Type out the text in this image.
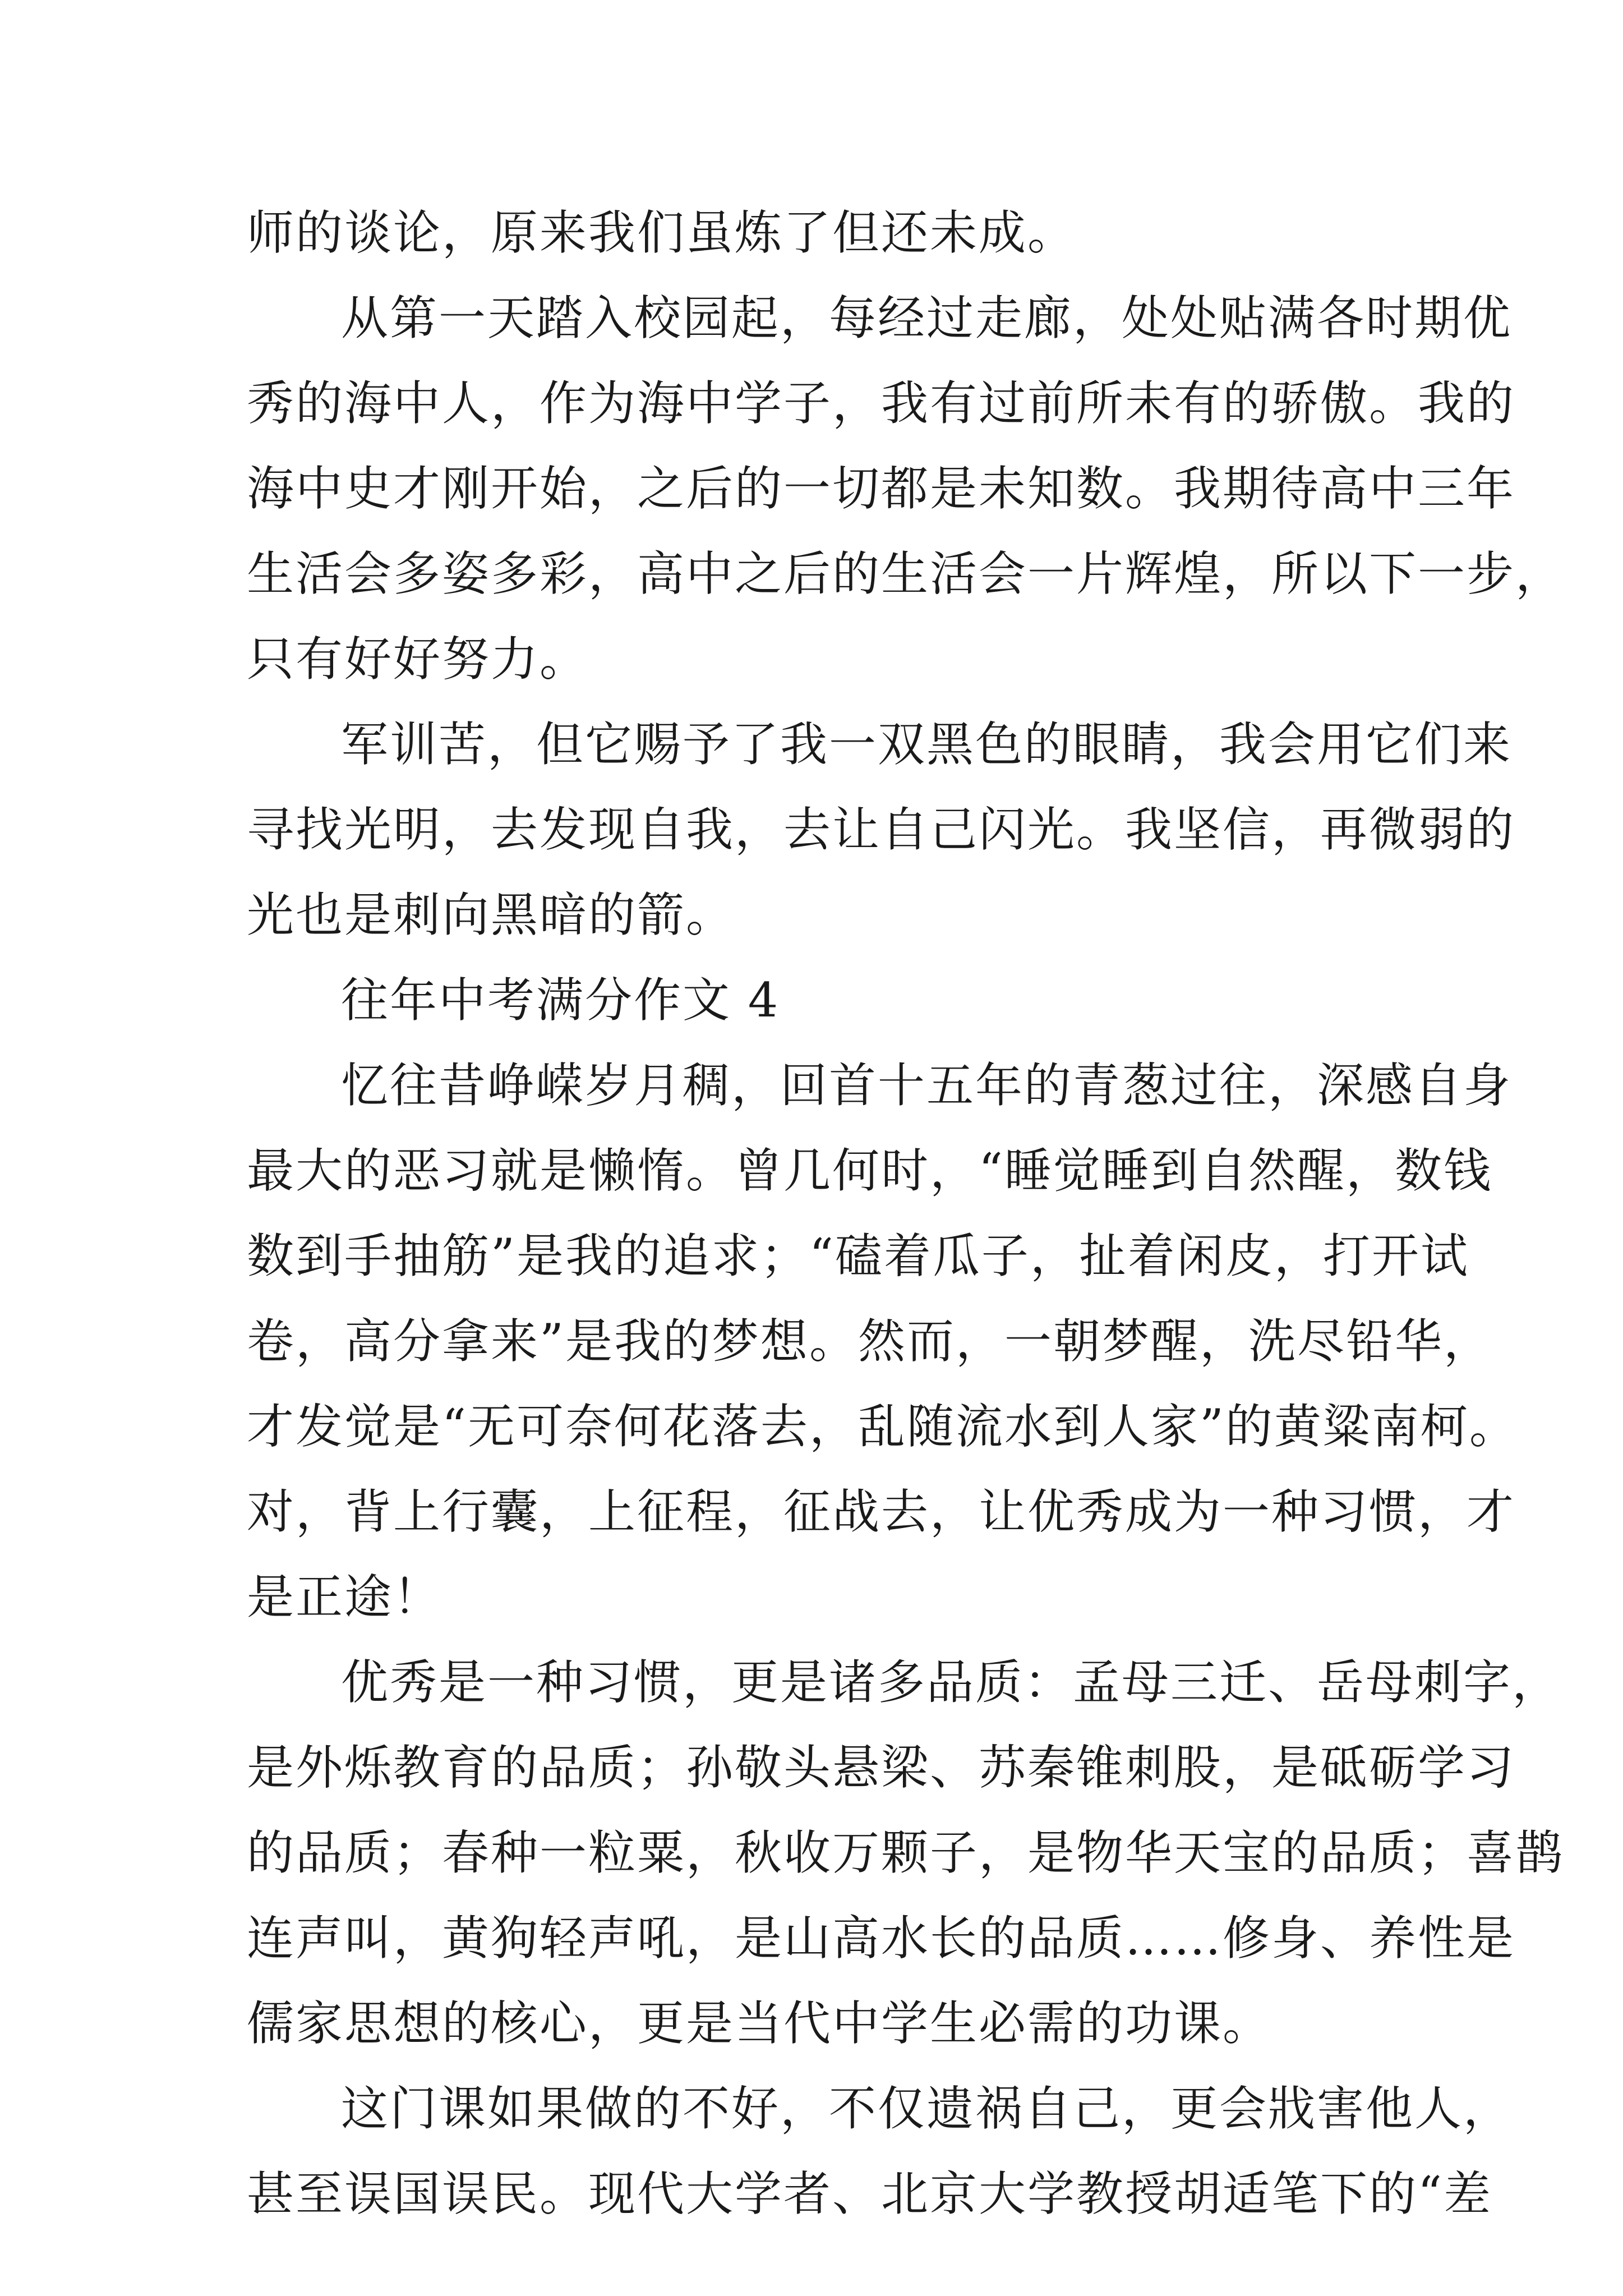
师的谈论，原来我们虽炼了但还未成。
从第一天踏入校园起，每经过走廊，处处贴满各时期优
秀的海中人，作为海中学子，我有过前所未有的骄傲。我的
海中史才刚开始，之后的一切都是未知数。我期待高中三年
生活会多姿多彩，高中之后的生活会一片辉煌，所以下一步，
只有好好努力。
军训苦，但它赐予了我一双黑色的眼睛，我会用它们来
寻找光明，去发现自我，去让自己闪光。我坚信，再微弱的
光也是刺向黑暗的箭。
往年中考满分作文 4
忆往昔峥嵘岁月稠，回首十五年的青葱过往，深感自身
最大的恶习就是懒惰。曾几何时，“睡觉睡到自然醒，数钱
数到手抽筋”是我的追求；“磕着瓜子，扯着闲皮，打开试
卷，高分拿来”是我的梦想。然而，一朝梦醒，洗尽铅华，
才发觉是“无可奈何花落去，乱随流水到人家”的黄粱南柯。
对，背上行囊，上征程，征战去，让优秀成为一种习惯，才
是正途！
优秀是一种习惯，更是诸多品质：孟母三迁、岳母刺字，
是外烁教育的品质；孙敬头悬梁、苏秦锥刺股，是砥砺学习
的品质；春种一粒粟，秋收万颗子，是物华天宝的品质；喜鹊
连声叫，黄狗轻声吼，是山高水长的品质……修身、养性是
儒家思想的核心，更是当代中学生必需的功课。
这门课如果做的不好，不仅遗祸自己，更会戕害他人，
甚至误国误民。现代大学者、北京大学教授胡适笔下的“差
